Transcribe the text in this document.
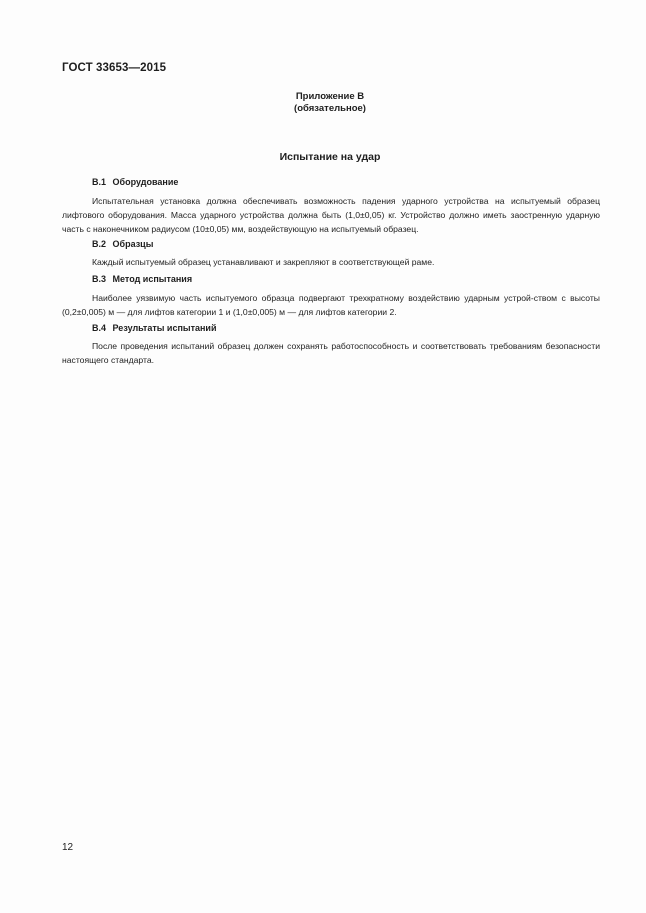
ГОСТ 33653—2015
Приложение В
(обязательное)
Испытание на удар
В.1 Оборудование
Испытательная установка должна обеспечивать возможность падения ударного устройства на испытуемый образец лифтового оборудования. Масса ударного устройства должна быть (1,0±0,05) кг. Устройство должно иметь заостренную ударную часть с наконечником радиусом (10±0,05) мм, воздействующую на испытуемый образец.
В.2 Образцы
Каждый испытуемый образец устанавливают и закрепляют в соответствующей раме.
В.3 Метод испытания
Наиболее уязвимую часть испытуемого образца подвергают трехкратному воздействию ударным устрой-ством с высоты (0,2±0,005) м — для лифтов категории 1 и (1,0±0,005) м — для лифтов категории 2.
В.4 Результаты испытаний
После проведения испытаний образец должен сохранять работоспособность и соответствовать требованиям безопасности настоящего стандарта.
12
